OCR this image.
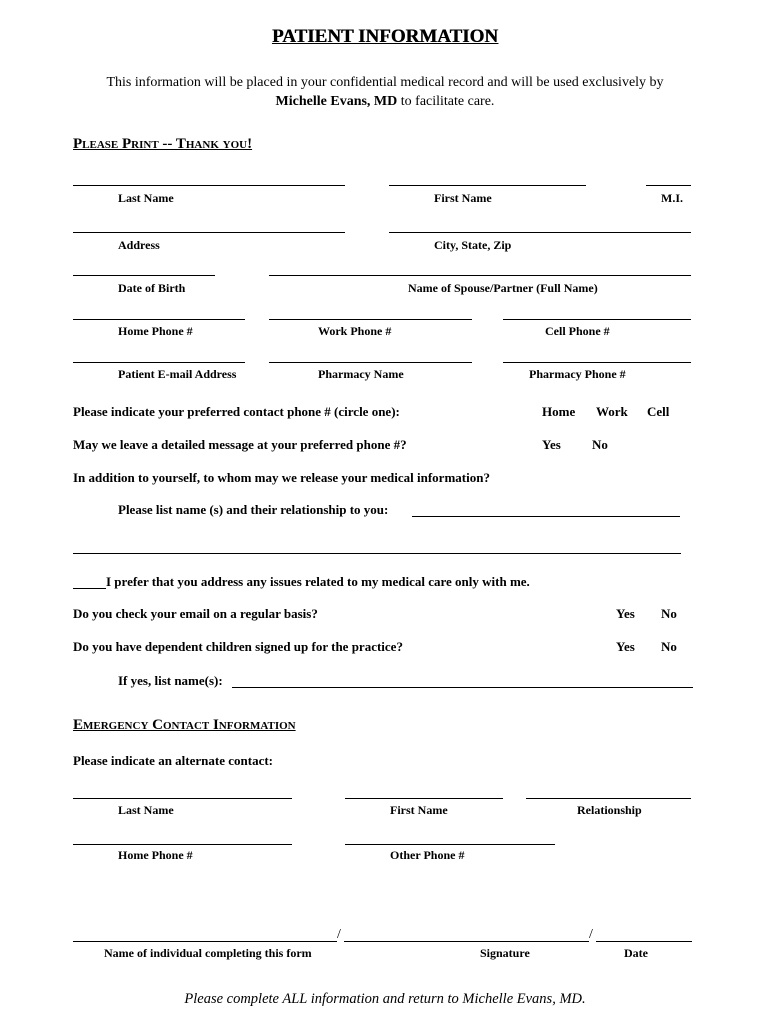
PATIENT INFORMATION
This information will be placed in your confidential medical record and will be used exclusively by
Michelle Evans, MD to facilitate care.
Please Print -- Thank you!
Last Name	First Name	M.I.
Address	City, State, Zip
Date of Birth	Name of Spouse/Partner (Full Name)
Home Phone #	Work Phone #	Cell Phone #
Patient E-mail Address	Pharmacy Name	Pharmacy Phone #
Please indicate your preferred contact phone # (circle one):	Home Work Cell
May we leave a detailed message at your preferred phone #?	Yes No
In addition to yourself, to whom may we release your medical information?
Please list name (s) and their relationship to you:
I prefer that you address any issues related to my medical care only with me.
Do you check your email on a regular basis?	Yes No
Do you have dependent children signed up for the practice?	Yes No
If yes, list name(s):
Emergency Contact Information
Please indicate an alternate contact:
Last Name	First Name	Relationship
Home Phone #	Other Phone #
/	/
Name of individual completing this form	Signature	Date
Please complete ALL information and return to Michelle Evans, MD.
